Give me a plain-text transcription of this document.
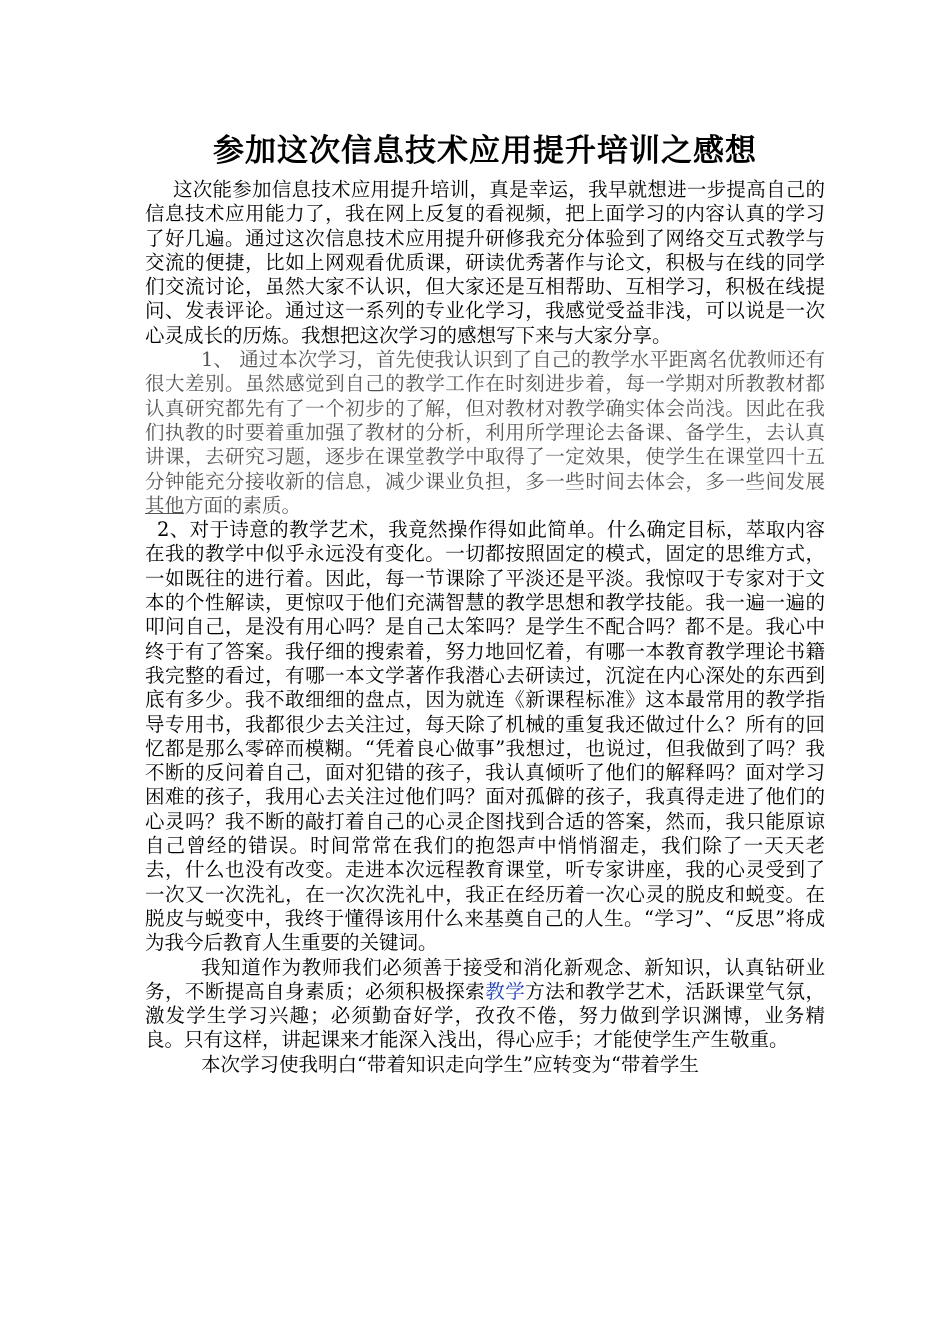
参加这次信息技术应用提升培训之感想

这次能参加信息技术应用提升培训，真是幸运，我早就想进一步提高自己的信息技术应用能力了，我在网上反复的看视频，把上面学习的内容认真的学习了好几遍。通过这次信息技术应用提升研修我充分体验到了网络交互式教学与交流的便捷，比如上网观看优质课，研读优秀著作与论文，积极与在线的同学们交流讨论，虽然大家不认识，但大家还是互相帮助、互相学习，积极在线提问、发表评论。通过这一系列的专业化学习，我感觉受益非浅，可以说是一次心灵成长的历炼。我想把这次学习的感想写下来与大家分享。

1、 通过本次学习，首先使我认识到了自己的教学水平距离名优教师还有很大差别。虽然感觉到自己的教学工作在时刻进步着，每一学期对所教教材都认真研究都先有了一个初步的了解，但对教材对教学确实体会尚浅。因此在我们执教的时要着重加强了教材的分析，利用所学理论去备课、备学生，去认真讲课，去研究习题，逐步在课堂教学中取得了一定效果，使学生在课堂四十五分钟能充分接收新的信息，减少课业负担，多一些时间去体会，多一些间发展其他方面的素质。

2、对于诗意的教学艺术，我竟然操作得如此简单。什么确定目标，萃取内容在我的教学中似乎永远没有变化。一切都按照固定的模式，固定的思维方式，一如既往的进行着。因此，每一节课除了平淡还是平淡。我惊叹于专家对于文本的个性解读，更惊叹于他们充满智慧的教学思想和教学技能。我一遍一遍的叩问自己，是没有用心吗？是自己太笨吗？是学生不配合吗？都不是。我心中终于有了答案。我仔细的搜索着，努力地回忆着，有哪一本教育教学理论书籍我完整的看过，有哪一本文学著作我潜心去研读过，沉淀在内心深处的东西到底有多少。我不敢细细的盘点，因为就连《新课程标准》这本最常用的教学指导专用书，我都很少去关注过，每天除了机械的重复我还做过什么？所有的回忆都是那么零碎而模糊。“凭着良心做事”我想过，也说过，但我做到了吗？我不断的反问着自己，面对犯错的孩子，我认真倾听了他们的解释吗？面对学习困难的孩子，我用心去关注过他们吗？面对孤僻的孩子，我真得走进了他们的心灵吗？我不断的敲打着自己的心灵企图找到合适的答案，然而，我只能原谅自己曾经的错误。时间常常在我们的抱怨声中悄悄溜走，我们除了一天天老去，什么也没有改变。走进本次远程教育课堂，听专家讲座，我的心灵受到了一次又一次洗礼，在一次次洗礼中，我正在经历着一次心灵的脱皮和蜕变。在脱皮与蜕变中，我终于懂得该用什么来基奠自己的人生。“学习”、“反思”将成为我今后教育人生重要的关键词。

我知道作为教师我们必须善于接受和消化新观念、新知识，认真钻研业务，不断提高自身素质；必须积极探索教学方法和教学艺术，活跃课堂气氛，激发学生学习兴趣；必须勤奋好学，孜孜不倦，努力做到学识渊博，业务精良。只有这样，讲起课来才能深入浅出，得心应手；才能使学生产生敬重。

本次学习使我明白“带着知识走向学生”应转变为“带着学生
